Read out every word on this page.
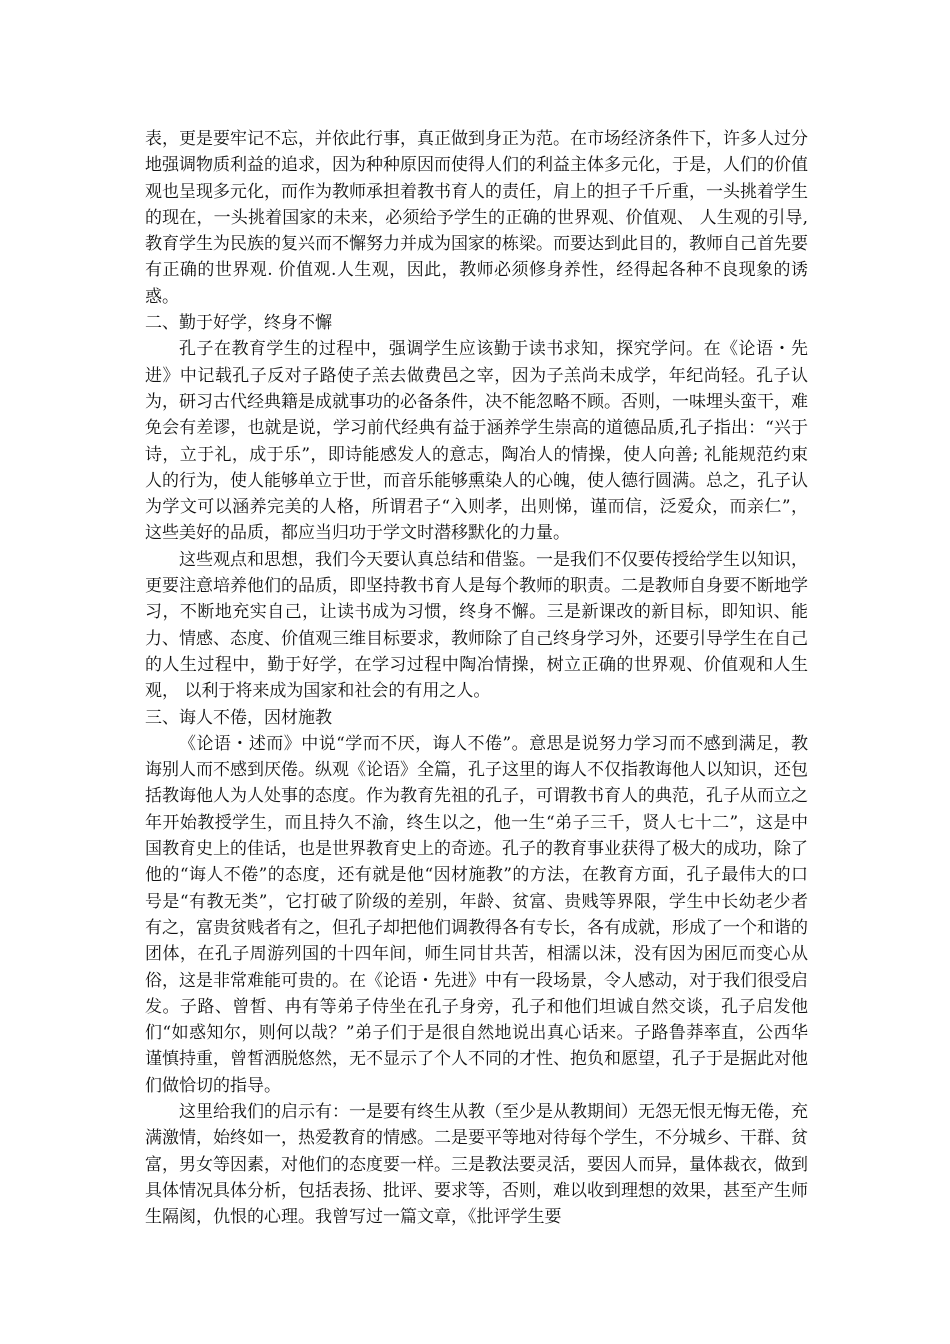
表，更是要牢记不忘，并依此行事，真正做到身正为范。在市场经济条件下，许多人过分地强调物质利益的追求，因为种种原因而使得人们的利益主体多元化，于是，人们的价值观也呈现多元化，而作为教师承担着教书育人的责任，肩上的担子千斤重，一头挑着学生的现在，一头挑着国家的未来，必须给予学生的正确的世界观、价值观、 人生观的引导,教育学生为民族的复兴而不懈努力并成为国家的栋梁。而要达到此目的，教师自己首先要有正确的世界观. 价值观.人生观，因此，教师必须修身养性，经得起各种不良现象的诱惑。

二、勤于好学，终身不懈

孔子在教育学生的过程中，强调学生应该勤于读书求知，探究学问。在《论语・先进》中记载孔子反对子路使子羔去做费邑之宰，因为子羔尚未成学，年纪尚轻。孔子认为，研习古代经典籍是成就事功的必备条件，决不能忽略不顾。否则，一味埋头蛮干，难免会有差谬，也就是说，学习前代经典有益于涵养学生崇高的道德品质,孔子指出：“兴于诗，立于礼，成于乐”，即诗能感发人的意志，陶冶人的情操，使人向善; 礼能规范约束人的行为，使人能够单立于世，而音乐能够熏染人的心魄，使人德行圆满。总之，孔子认为学文可以涵养完美的人格，所谓君子“入则孝，出则悌，谨而信，泛爱众，而亲仁”，这些美好的品质，都应当归功于学文时潜移默化的力量。

这些观点和思想，我们今天要认真总结和借鉴。一是我们不仅要传授给学生以知识，更要注意培养他们的品质，即坚持教书育人是每个教师的职责。二是教师自身要不断地学习，不断地充实自己，让读书成为习惯，终身不懈。三是新课改的新目标，即知识、能力、情感、态度、价值观三维目标要求，教师除了自己终身学习外，还要引导学生在自己的人生过程中，勤于好学，在学习过程中陶冶情操，树立正确的世界观、价值观和人生观， 以利于将来成为国家和社会的有用之人。

三、诲人不倦，因材施教

《论语・述而》中说“学而不厌，诲人不倦”。意思是说努力学习而不感到满足，教诲别人而不感到厌倦。纵观《论语》全篇，孔子这里的诲人不仅指教诲他人以知识，还包括教诲他人为人处事的态度。作为教育先祖的孔子，可谓教书育人的典范，孔子从而立之年开始教授学生，而且持久不渝，终生以之，他一生“弟子三千，贤人七十二”，这是中国教育史上的佳话，也是世界教育史上的奇迹。孔子的教育事业获得了极大的成功，除了他的“诲人不倦”的态度，还有就是他“因材施教”的方法，在教育方面，孔子最伟大的口号是“有教无类”，它打破了阶级的差别，年龄、贫富、贵贱等界限，学生中长幼老少者有之，富贵贫贱者有之，但孔子却把他们调教得各有专长，各有成就，形成了一个和谐的团体，在孔子周游列国的十四年间，师生同甘共苦，相濡以沫，没有因为困厄而变心从俗，这是非常难能可贵的。在《论语・先进》中有一段场景，令人感动，对于我们很受启发。子路、曾皙、冉有等弟子侍坐在孔子身旁，孔子和他们坦诚自然交谈，孔子启发他们“如惑知尔，则何以哉？”弟子们于是很自然地说出真心话来。子路鲁莽率直，公西华谨慎持重，曾皙洒脱悠然，无不显示了个人不同的才性、抱负和愿望，孔子于是据此对他们做恰切的指导。

这里给我们的启示有：一是要有终生从教（至少是从教期间）无怨无恨无悔无倦，充满激情，始终如一，热爱教育的情感。二是要平等地对待每个学生，不分城乡、干群、贫富，男女等因素，对他们的态度要一样。三是教法要灵活，要因人而异，量体裁衣，做到具体情况具体分析，包括表扬、批评、要求等，否则，难以收到理想的效果，甚至产生师生隔阂，仇恨的心理。我曾写过一篇文章，《批评学生要
